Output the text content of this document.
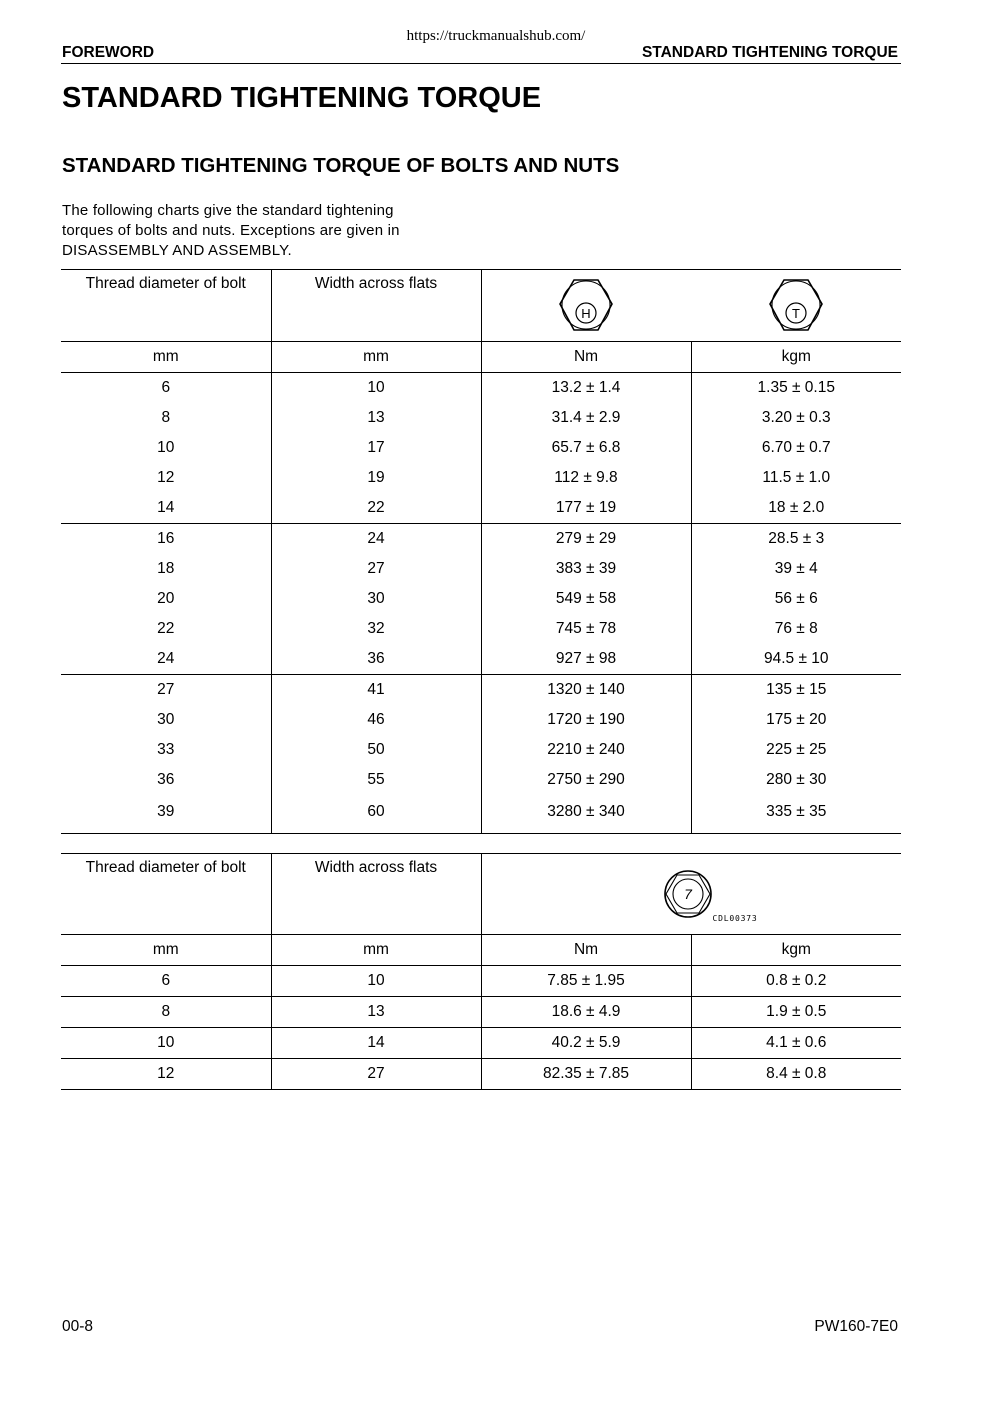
https://truckmanualshub.com/
FOREWORD	STANDARD TIGHTENING TORQUE
STANDARD TIGHTENING TORQUE
STANDARD TIGHTENING TORQUE OF BOLTS AND NUTS
The following charts give the standard tightening
torques of bolts and nuts. Exceptions are given in
DISASSEMBLY AND ASSEMBLY.
Thread diameter of bolt	Width across flats	H T	

mm	mm	Nm	kgm
6	10	13.2 ± 1.4	1.35 ± 0.15
8	13	31.4 ± 2.9	3.20 ± 0.3
10	17	65.7 ± 6.8	6.70 ± 0.7
12	19	112 ± 9.8	11.5 ± 1.0
14	22	177 ± 19	18 ± 2.0
16	24	279 ± 29	28.5 ± 3
18	27	383 ± 39	39 ± 4
20	30	549 ± 58	56 ± 6
22	32	745 ± 78	76 ± 8
24	36	927 ± 98	94.5 ± 10
27	41	1320 ± 140	135 ± 15
30	46	1720 ± 190	175 ± 20
33	50	2210 ± 240	225 ± 25
36	55	2750 ± 290	280 ± 30
39	60	3280 ± 340	335 ± 35
Thread diameter of bolt	Width across flats	7
CDL00373	

mm	mm	Nm	kgm
6	10	7.85 ± 1.95	0.8 ± 0.2
8	13	18.6 ± 4.9	1.9 ± 0.5
10	14	40.2 ± 5.9	4.1 ± 0.6
12	27	82.35 ± 7.85	8.4 ± 0.8
00-8	PW160-7E0
